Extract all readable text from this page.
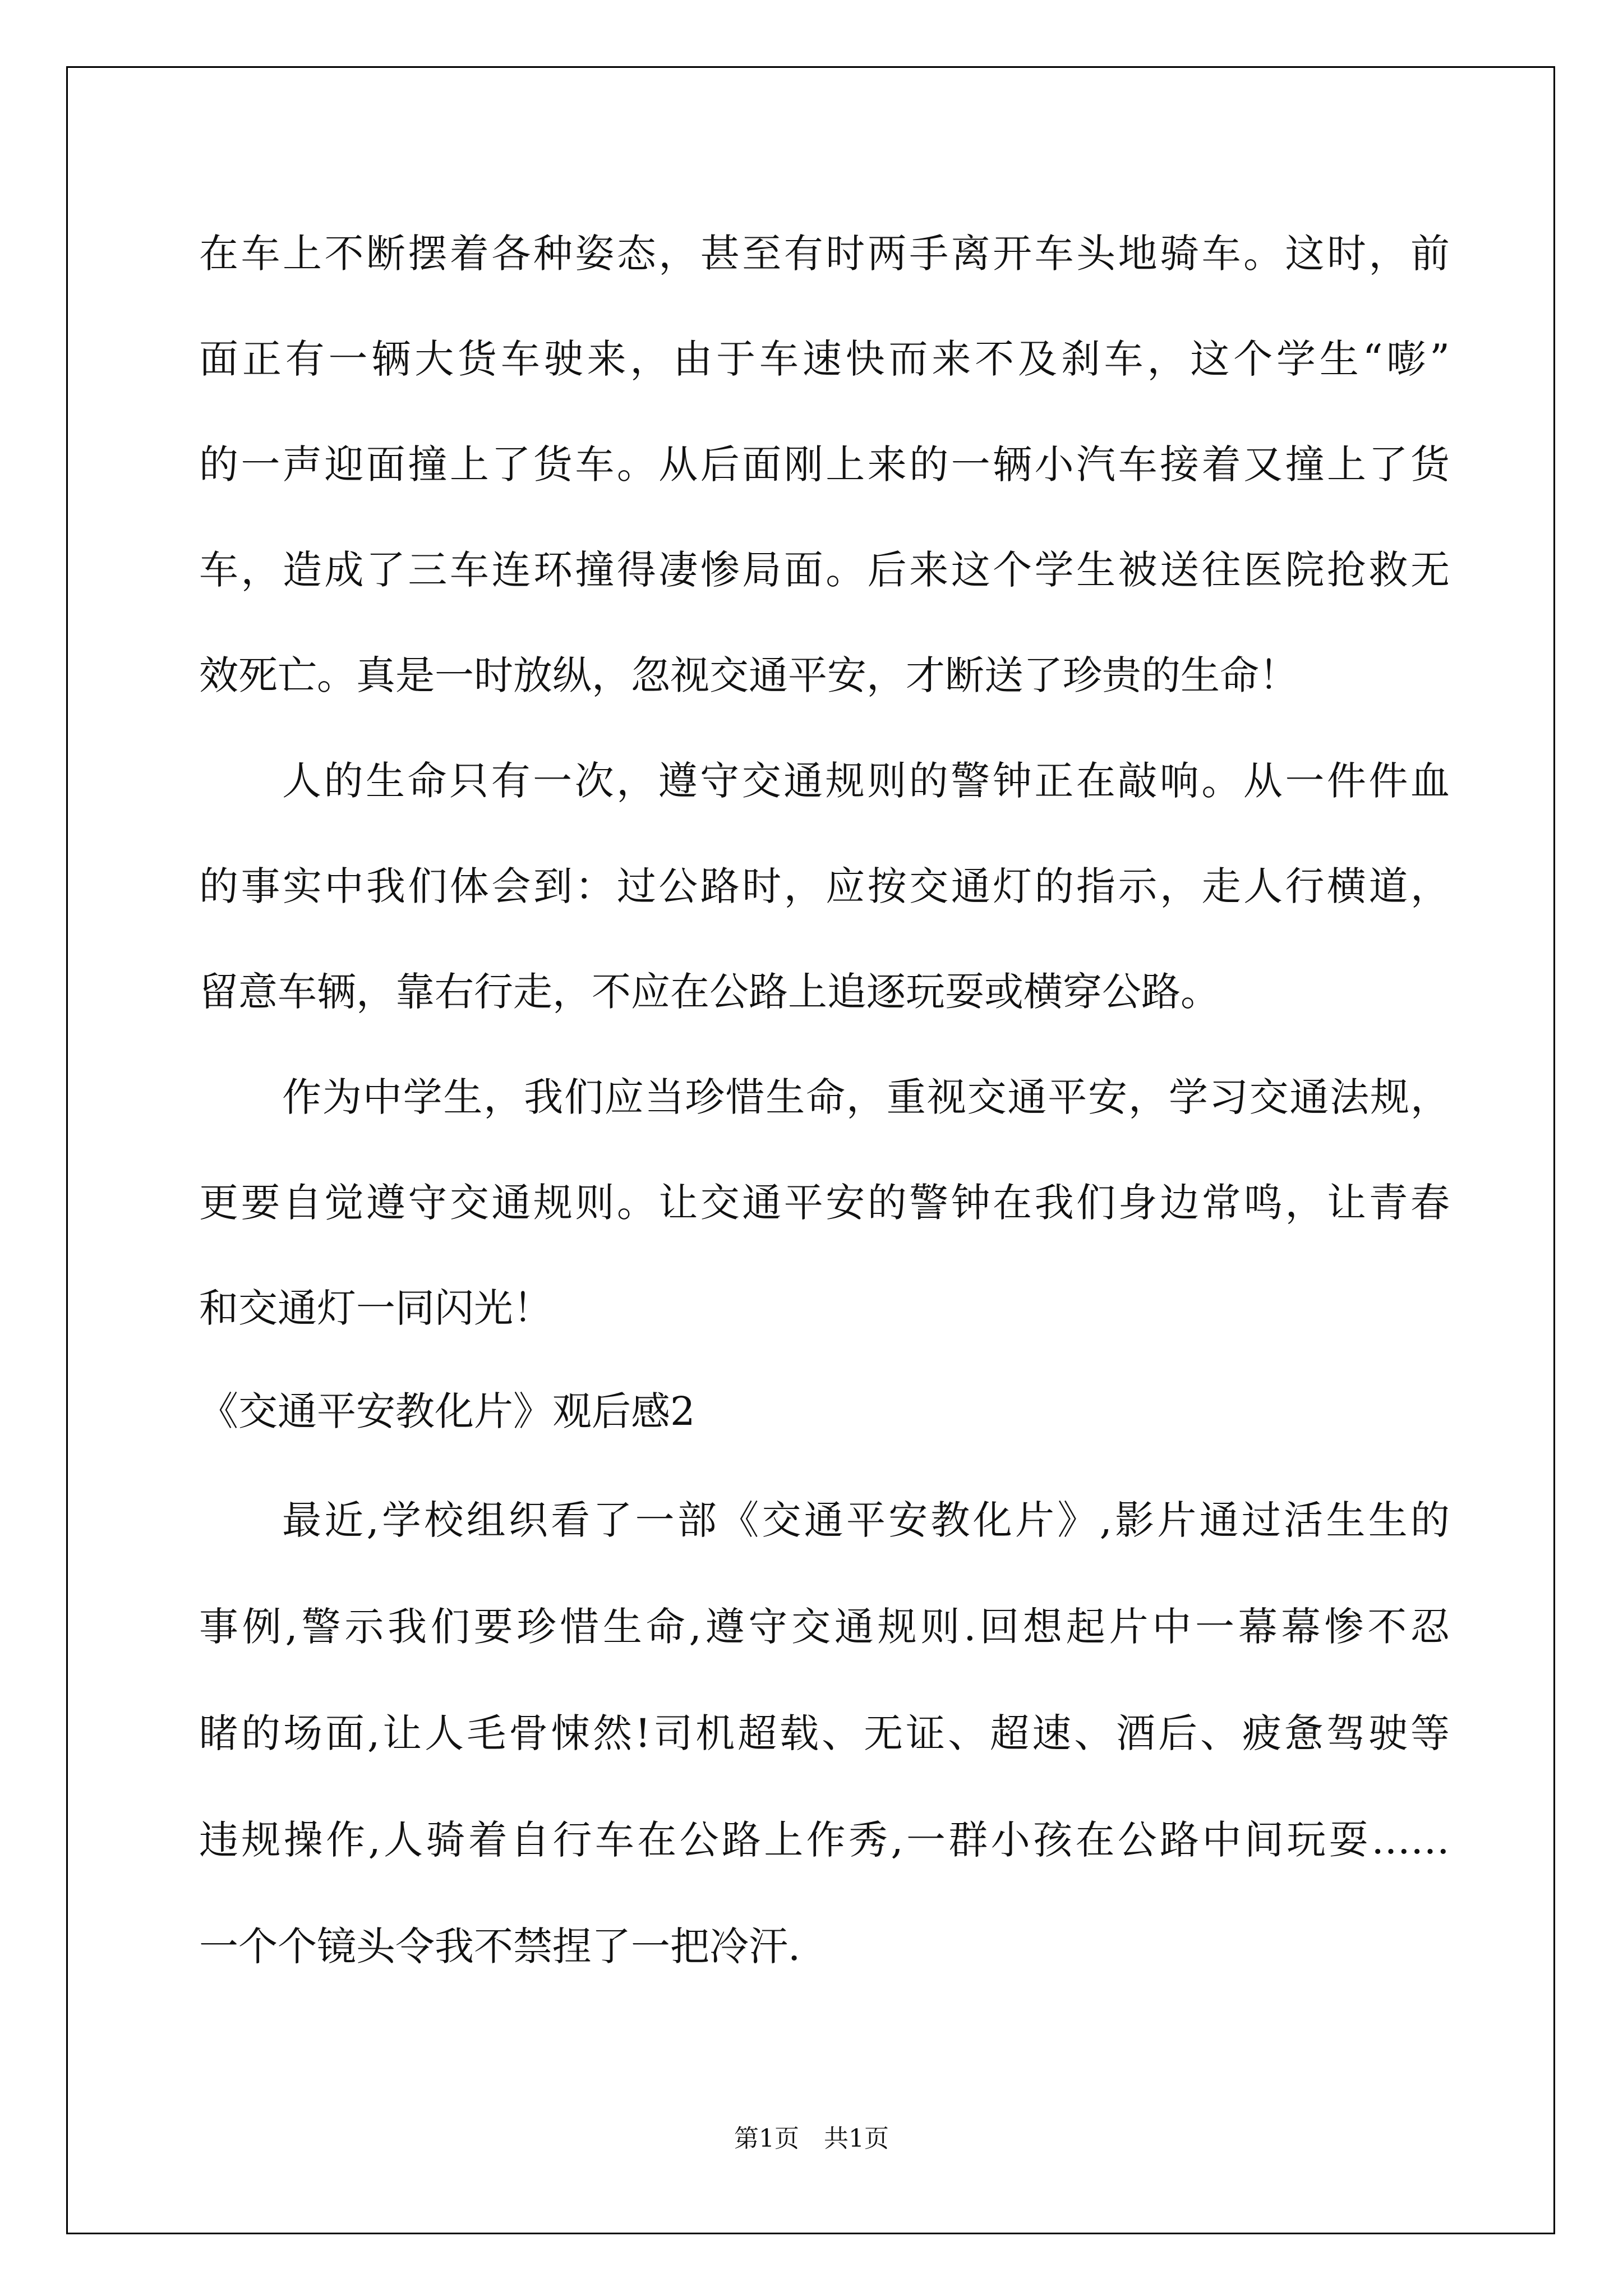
在车上不断摆着各种姿态，甚至有时两手离开车头地骑车。这时，前
面正有一辆大货车驶来，由于车速快而来不及刹车，这个学生“嘭”
的一声迎面撞上了货车。从后面刚上来的一辆小汽车接着又撞上了货
车，造成了三车连环撞得凄惨局面。后来这个学生被送往医院抢救无
效死亡。真是一时放纵，忽视交通平安，才断送了珍贵的生命！
人的生命只有一次，遵守交通规则的警钟正在敲响。从一件件血
的事实中我们体会到：过公路时，应按交通灯的指示，走人行横道，
留意车辆，靠右行走，不应在公路上追逐玩耍或横穿公路。
作为中学生，我们应当珍惜生命，重视交通平安，学习交通法规，
更要自觉遵守交通规则。让交通平安的警钟在我们身边常鸣，让青春
和交通灯一同闪光！
《交通平安教化片》观后感2
最近,学校组织看了一部《交通平安教化片》,影片通过活生生的
事例,警示我们要珍惜生命,遵守交通规则.回想起片中一幕幕惨不忍
睹的场面,让人毛骨悚然!司机超载、无证、超速、酒后、疲惫驾驶等
违规操作,人骑着自行车在公路上作秀,一群小孩在公路中间玩耍……
一个个镜头令我不禁捏了一把冷汗.
第1页　共1页
